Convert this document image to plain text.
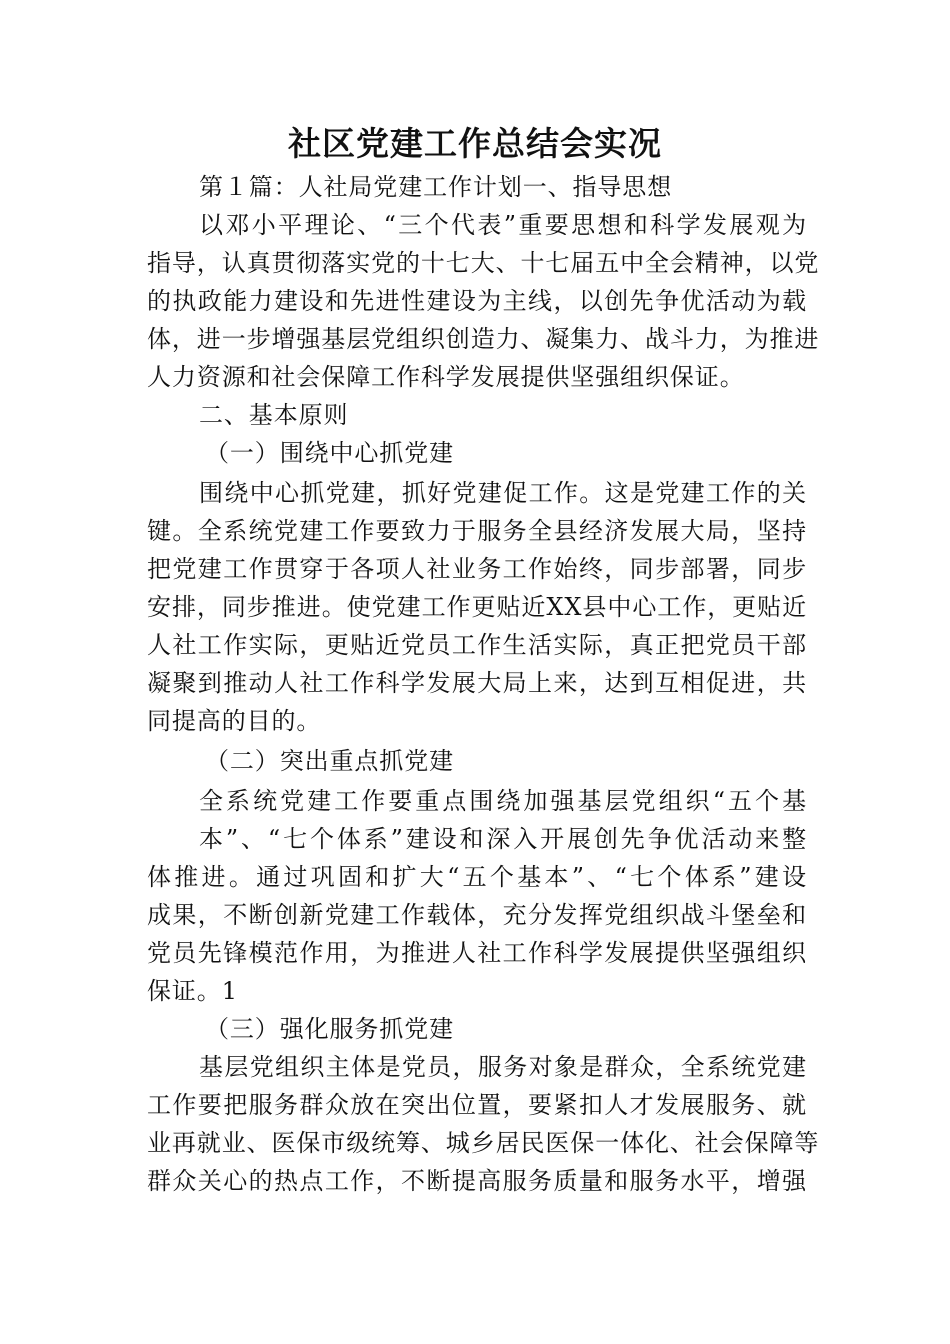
社区党建工作总结会实况
第１篇：人社局党建工作计划一、指导思想
以邓小平理论、“三个代表”重要思想和科学发展观为
指导，认真贯彻落实党的十七大、十七届五中全会精神，以党
的执政能力建设和先进性建设为主线，以创先争优活动为载
体，进一步增强基层党组织创造力、凝集力、战斗力，为推进
人力资源和社会保障工作科学发展提供坚强组织保证。
二、基本原则
（一）围绕中心抓党建
围绕中心抓党建，抓好党建促工作。这是党建工作的关
键。全系统党建工作要致力于服务全县经济发展大局，坚持
把党建工作贯穿于各项人社业务工作始终，同步部署，同步
安排，同步推进。使党建工作更贴近XX县中心工作，更贴近
人社工作实际，更贴近党员工作生活实际，真正把党员干部
凝聚到推动人社工作科学发展大局上来，达到互相促进，共
同提高的目的。
（二）突出重点抓党建
全系统党建工作要重点围绕加强基层党组织“五个基
本”、“七个体系”建设和深入开展创先争优活动来整
体推进。通过巩固和扩大“五个基本”、“七个体系”建设
成果，不断创新党建工作载体，充分发挥党组织战斗堡垒和
党员先锋模范作用，为推进人社工作科学发展提供坚强组织
保证。1
（三）强化服务抓党建
基层党组织主体是党员，服务对象是群众，全系统党建
工作要把服务群众放在突出位置，要紧扣人才发展服务、就
业再就业、医保市级统筹、城乡居民医保一体化、社会保障等
群众关心的热点工作，不断提高服务质量和服务水平，增强
